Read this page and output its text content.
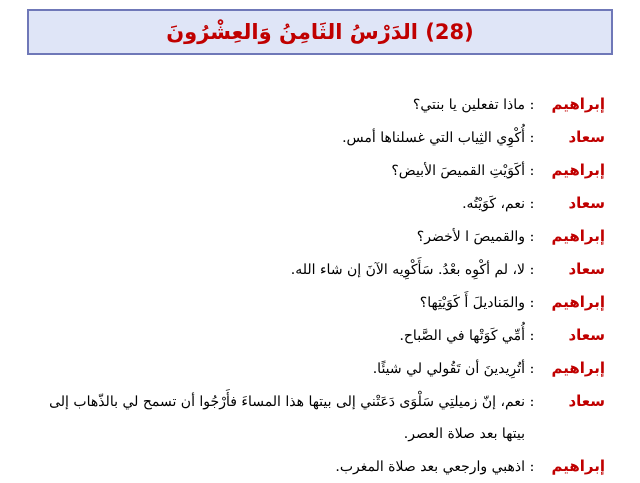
(28) الدَرْسُ الثَامِنُ وَالعِشْرُونَ
إبراهيم
:
ماذا تفعلين يا بنتي؟
سعاد
:
أُكْوِي الثِياب التي غسلناها أمس.
إبراهيم
:
أكَوَيْتِ القميصَ الأبيض؟
سعاد
:
نعم، كَوَيْتُه.
إبراهيم
:
والقميصَ ا لأخضر؟
سعاد
:
لا، لم أكْوِه بعْدُ. سَأَكْوِيه الآنَ إن شاء الله.
إبراهيم
:
والمَناديلَ أَ كَوَيْتِها؟
سعاد
:
أُمِّي كَوَتْها في الصَّباح.
إبراهيم
:
أتُرِيدينَ أن تَقُولي لي شيئًا.
سعاد
:
نعم، إنّ زميلتِي سَلْوَى دَعَتْني إلى بيتها هذا المساءَ فأَرْجُوا أن تسمح لي بالذّهاب إلى
بيتها بعد صلاة العصر.
إبراهيم
:
اذهبي وارجعي بعد صلاة المغرب.
